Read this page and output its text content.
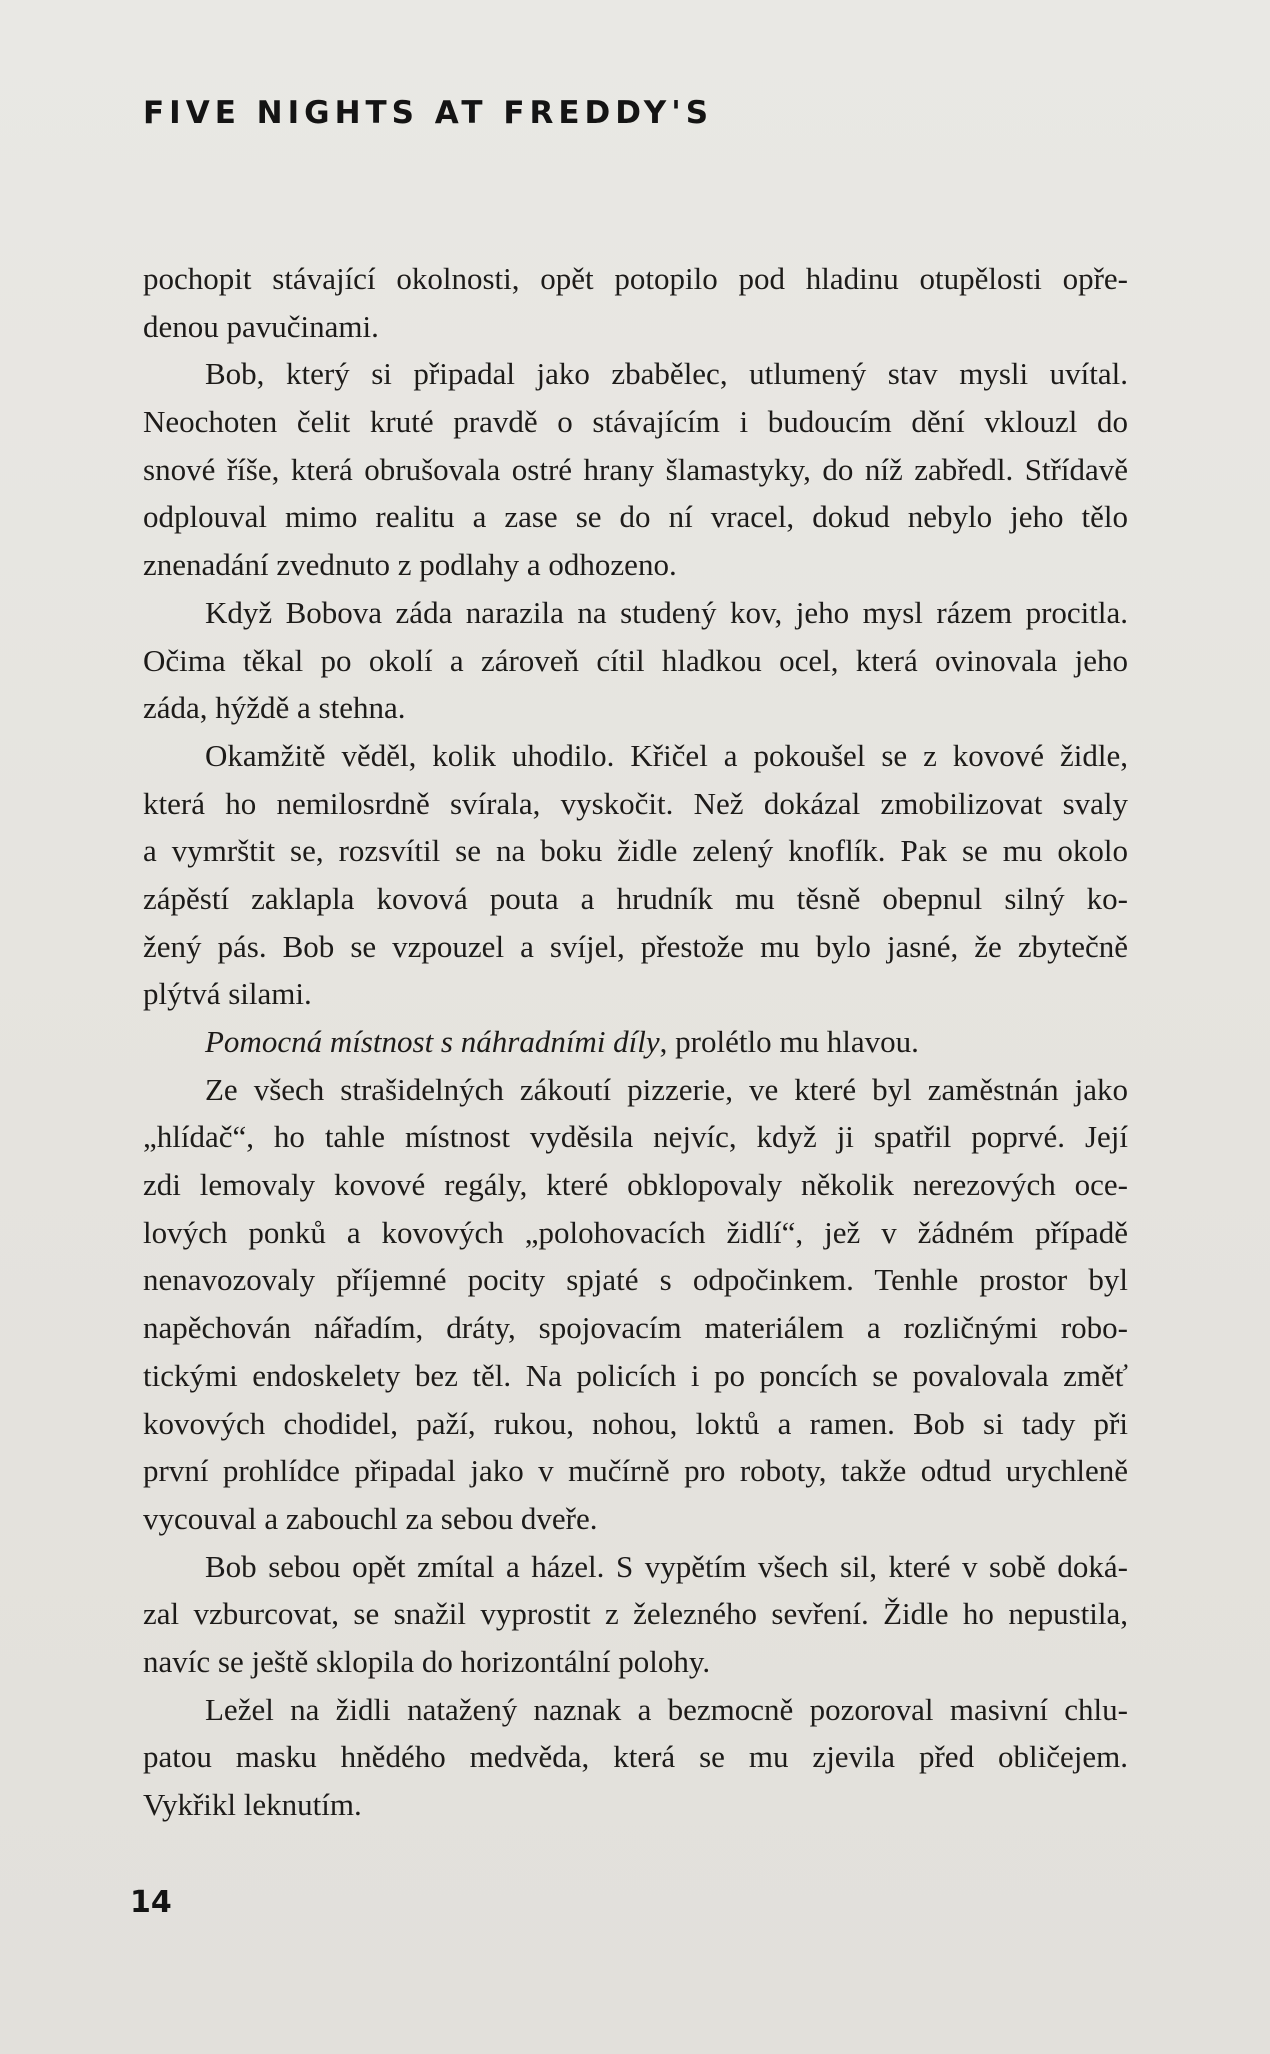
FIVE NIGHTS AT FREDDY'S
pochopit stávající okolnosti, opět potopilo pod hladinu otupělosti opře-
denou pavučinami.
Bob, který si připadal jako zbabělec, utlumený stav mysli uvítal.
Neochoten čelit kruté pravdě o stávajícím i budoucím dění vklouzl do
snové říše, která obrušovala ostré hrany šlamastyky, do níž zabředl. Střídavě
odplouval mimo realitu a zase se do ní vracel, dokud nebylo jeho tělo
znenadání zvednuto z podlahy a odhozeno.
Když Bobova záda narazila na studený kov, jeho mysl rázem procitla.
Očima těkal po okolí a zároveň cítil hladkou ocel, která ovinovala jeho
záda, hýždě a stehna.
Okamžitě věděl, kolik uhodilo. Křičel a pokoušel se z kovové židle,
která ho nemilosrdně svírala, vyskočit. Než dokázal zmobilizovat svaly
a vymrštit se, rozsvítil se na boku židle zelený knoflík. Pak se mu okolo
zápěstí zaklapla kovová pouta a hrudník mu těsně obepnul silný ko-
žený pás. Bob se vzpouzel a svíjel, přestože mu bylo jasné, že zbytečně
plýtvá silami.
Pomocná místnost s náhradními díly, prolétlo mu hlavou.
Ze všech strašidelných zákoutí pizzerie, ve které byl zaměstnán jako
„hlídač“, ho tahle místnost vyděsila nejvíc, když ji spatřil poprvé. Její
zdi lemovaly kovové regály, které obklopovaly několik nerezových oce-
lových ponků a kovových „polohovacích židlí“, jež v žádném případě
nenavozovaly příjemné pocity spjaté s odpočinkem. Tenhle prostor byl
napěchován nářadím, dráty, spojovacím materiálem a rozličnými robo-
tickými endoskelety bez těl. Na policích i po poncích se povalovala změť
kovových chodidel, paží, rukou, nohou, loktů a ramen. Bob si tady při
první prohlídce připadal jako v mučírně pro roboty, takže odtud urychleně
vycouval a zabouchl za sebou dveře.
Bob sebou opět zmítal a házel. S vypětím všech sil, které v sobě doká-
zal vzburcovat, se snažil vyprostit z železného sevření. Židle ho nepustila,
navíc se ještě sklopila do horizontální polohy.
Ležel na židli natažený naznak a bezmocně pozoroval masivní chlu-
patou masku hnědého medvěda, která se mu zjevila před obličejem.
Vykřikl leknutím.
14
